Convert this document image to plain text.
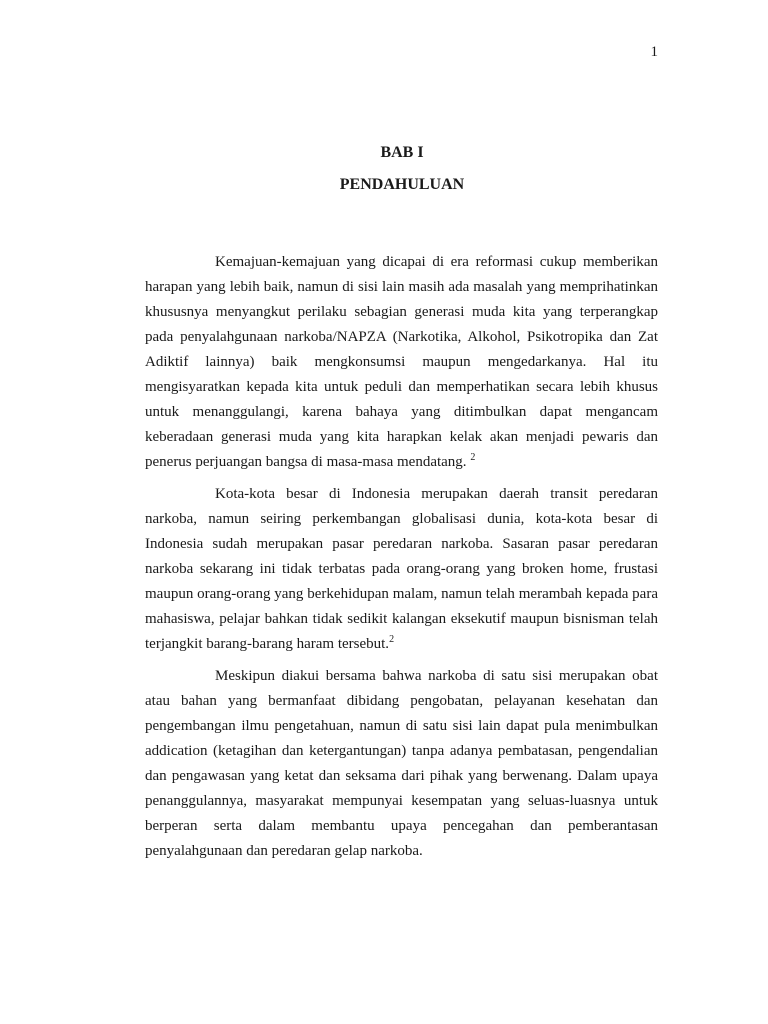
1

BAB I

PENDAHULUAN

Kemajuan-kemajuan yang dicapai di era reformasi cukup memberikan harapan yang lebih baik, namun di sisi lain masih ada masalah yang memprihatinkan khususnya menyangkut perilaku sebagian generasi muda kita yang terperangkap pada penyalahgunaan narkoba/NAPZA (Narkotika, Alkohol, Psikotropika dan Zat Adiktif lainnya) baik mengkonsumsi maupun mengedarkanya. Hal itu mengisyaratkan kepada kita untuk peduli dan memperhatikan secara lebih khusus untuk menanggulangi, karena bahaya yang ditimbulkan dapat mengancam keberadaan generasi muda yang kita harapkan kelak akan menjadi pewaris dan penerus perjuangan bangsa di masa-masa mendatang. $^2$

Kota-kota besar di Indonesia merupakan daerah transit peredaran narkoba, namun seiring perkembangan globalisasi dunia, kota-kota besar di Indonesia sudah merupakan pasar peredaran narkoba. Sasaran pasar peredaran narkoba sekarang ini tidak terbatas pada orang-orang yang broken home, frustasi maupun orang-orang yang berkehidupan malam, namun telah merambah kepada para mahasiswa, pelajar bahkan tidak sedikit kalangan eksekutif maupun bisnisman telah terjangkit barang-barang haram tersebut.$^2$

Meskipun diakui bersama bahwa narkoba di satu sisi merupakan obat atau bahan yang bermanfaat dibidang pengobatan, pelayanan kesehatan dan pengembangan ilmu pengetahuan, namun di satu sisi lain dapat pula menimbulkan addication (ketagihan dan ketergantungan) tanpa adanya pembatasan, pengendalian dan pengawasan yang ketat dan seksama dari pihak yang berwenang. Dalam upaya penanggulannya, masyarakat mempunyai kesempatan yang seluas-luasnya untuk berperan serta dalam membantu upaya pencegahan dan pemberantasan penyalahgunaan dan peredaran gelap narkoba.
